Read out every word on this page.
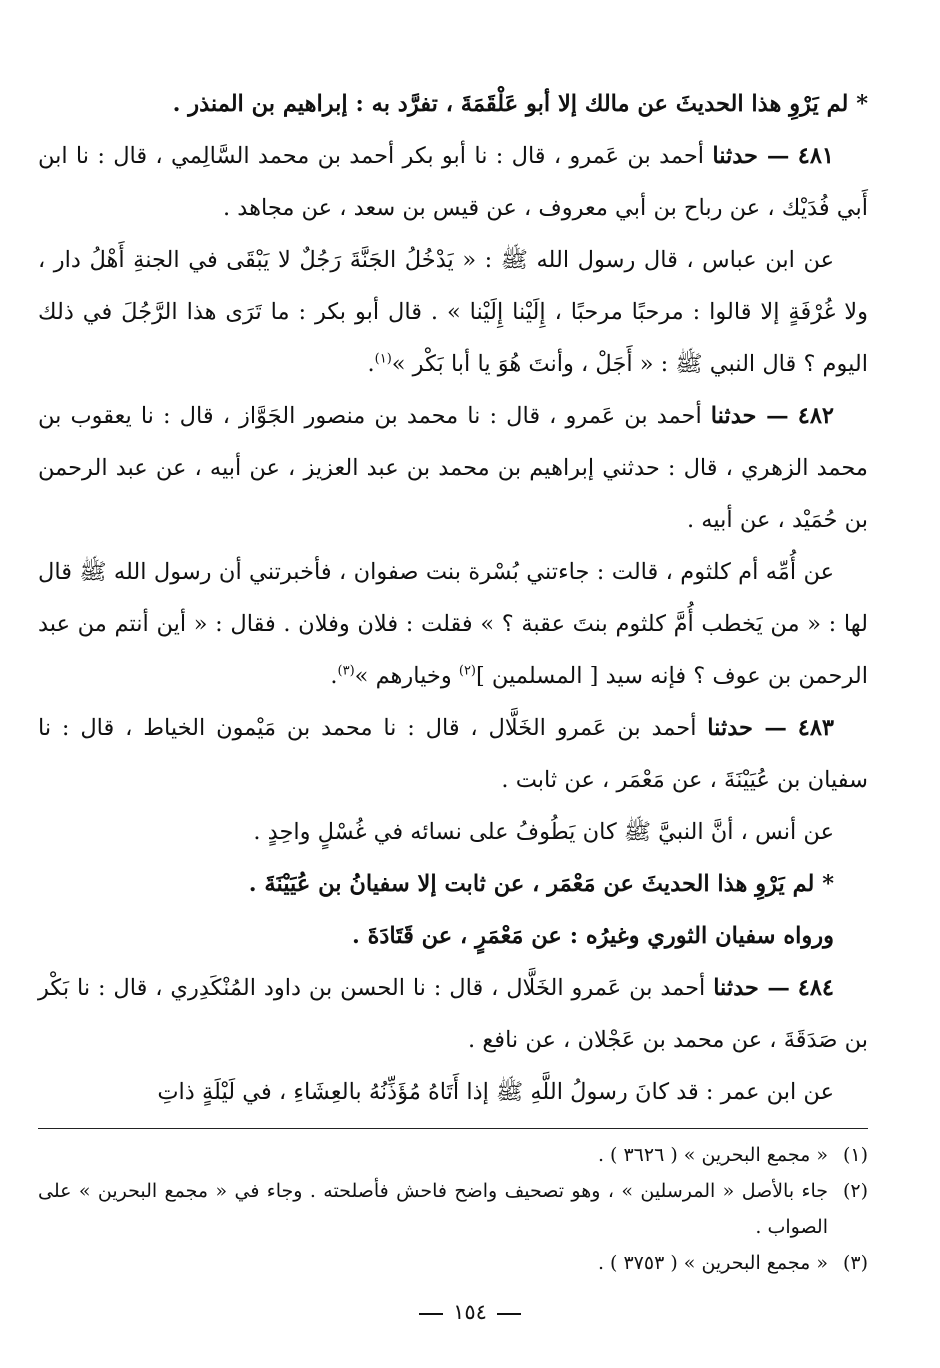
* لم يَرْوِ هذا الحديثَ عن مالك إلا أبو عَلْقَمَةَ ، تفرَّد به : إبراهيم بن المنذر .

٤٨١ — حدثنا أحمد بن عَمرو ، قال : نا أبو بكر أحمد بن محمد السَّالِمي ، قال : نا ابن أَبي فُدَيْك ، عن رباح بن أبي معروف ، عن قيس بن سعد ، عن مجاهد .

عن ابن عباس ، قال رسول الله ﷺ : « يَدْخُلُ الجَنَّةَ رَجُلٌ لا يَبْقَى في الجنةِ أَهْلُ دار ، ولا غُرْفَةٍ إلا قالوا : مرحبًا مرحبًا ، إِلَيْنا إِلَيْنا » . قال أبو بكر : ما تَرَى هذا الرَّجُلَ في ذلك اليوم ؟ قال النبي ﷺ : « أَجَلْ ، وأنتَ هُوَ يا أبا بَكْر »$^{(١)}$.

٤٨٢ — حدثنا أحمد بن عَمرو ، قال : نا محمد بن منصور الجَوَّاز ، قال : نا يعقوب بن محمد الزهري ، قال : حدثني إبراهيم بن محمد بن عبد العزيز ، عن أبيه ، عن عبد الرحمن بن حُمَيْد ، عن أبيه .

عن أُمِّه أم كلثوم ، قالت : جاءتني بُسْرة بنت صفوان ، فأخبرتني أن رسول الله ﷺ قال لها : « من يَخطب أُمَّ كلثوم بنتَ عقبة ؟ » فقلت : فلان وفلان . فقال : « أين أنتم من عبد الرحمن بن عوف ؟ فإنه سيد [ المسلمين ]$^{(٢)}$ وخيارهم »$^{(٣)}$.

٤٨٣ — حدثنا أحمد بن عَمرو الخَلَّال ، قال : نا محمد بن مَيْمون الخياط ، قال : نا سفيان بن عُيَيْنَةَ ، عن مَعْمَر ، عن ثابت .

عن أنس ، أنَّ النبيَّ ﷺ كان يَطُوفُ على نسائه في غُسْلٍ واحِدٍ .

* لم يَرْوِ هذا الحديثَ عن مَعْمَر ، عن ثابت إلا سفيانُ بن عُيَيْنَةَ .

ورواه سفيان الثوري وغيرُه : عن مَعْمَرٍ ، عن قَتَادَةَ .

٤٨٤ — حدثنا أحمد بن عَمرو الخَلَّال ، قال : نا الحسن بن داود المُنْكَدِري ، قال : نا بَكْر بن صَدَقَةَ ، عن محمد بن عَجْلان ، عن نافع .

عن ابن عمر : قد كانَ رسولُ اللَّهِ ﷺ إذا أَتَاهُ مُؤَذِّنُهُ بالعِشَاءِ ، في لَيْلَةٍ ذاتِ

(١)
« مجمع البحرين » ( ٣٦٢٦ ) .
(٢)
جاء بالأصل « المرسلين » ، وهو تصحيف واضح فاحش فأصلحته . وجاء في « مجمع البحرين » على الصواب .
(٣)
« مجمع البحرين » ( ٣٧٥٣ ) .
١٥٤
